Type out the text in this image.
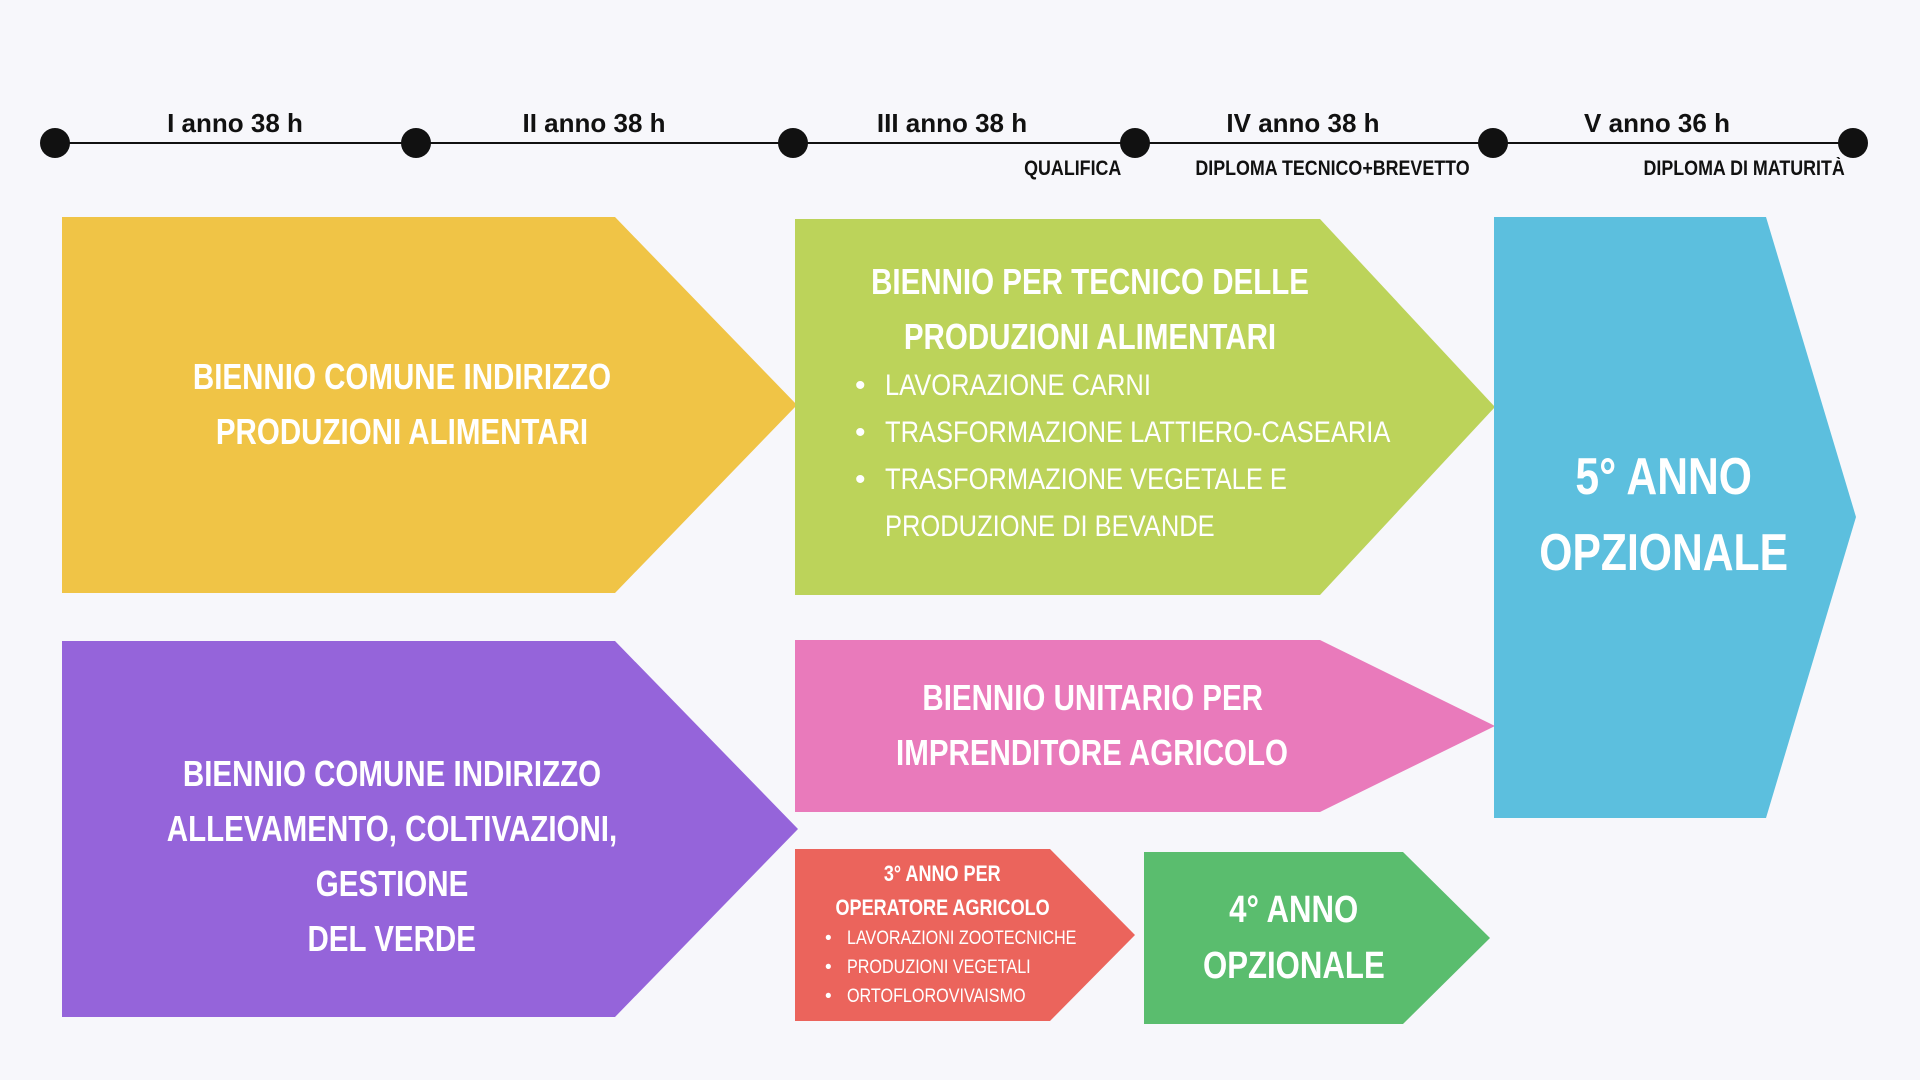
I anno 38 h	II anno 38 h	III anno 38 h	IV anno 38 h	V anno 36 h
QUALIFICA	DIPLOMA TECNICO+BREVETTO	DIPLOMA DI MATURITÀ
BIENNIO COMUNE INDIRIZZO
PRODUZIONI ALIMENTARI
BIENNIO COMUNE INDIRIZZO
ALLEVAMENTO, COLTIVAZIONI, GESTIONE
DEL VERDE
BIENNIO PER TECNICO DELLE
PRODUZIONI ALIMENTARI
• LAVORAZIONE CARNI
• TRASFORMAZIONE LATTIERO-CASEARIA
• TRASFORMAZIONE VEGETALE E
PRODUZIONE DI BEVANDE
BIENNIO UNITARIO PER
IMPRENDITORE AGRICOLO
3° ANNO PER
OPERATORE AGRICOLO
• LAVORAZIONI ZOOTECNICHE
• PRODUZIONI VEGETALI
• ORTOFLOROVIVAISMO
4° ANNO
OPZIONALE
5° ANNO
OPZIONALE
